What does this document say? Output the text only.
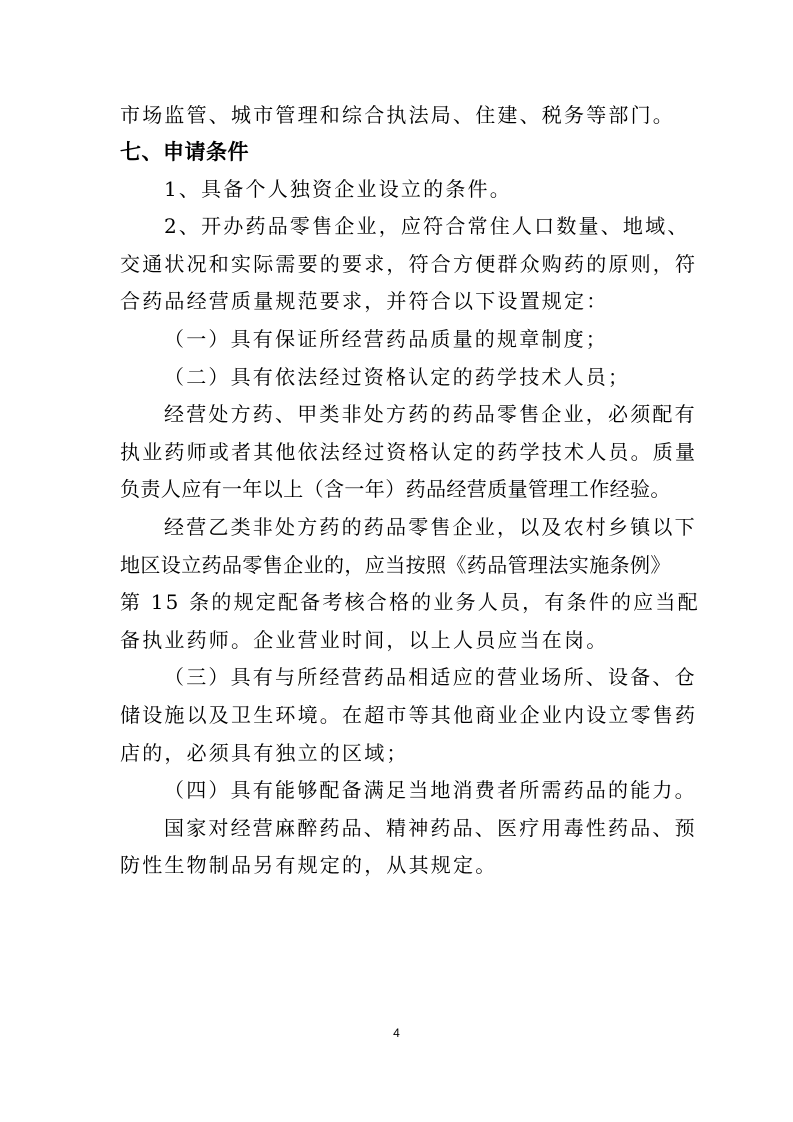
市场监管、城市管理和综合执法局、住建、税务等部门。
七、申请条件
1、具备个人独资企业设立的条件。
2、开办药品零售企业，应符合常住人口数量、地域、
交通状况和实际需要的要求，符合方便群众购药的原则，符
合药品经营质量规范要求，并符合以下设置规定：
（一）具有保证所经营药品质量的规章制度；
（二）具有依法经过资格认定的药学技术人员；
经营处方药、甲类非处方药的药品零售企业，必须配有
执业药师或者其他依法经过资格认定的药学技术人员。质量
负责人应有一年以上（含一年）药品经营质量管理工作经验。
经营乙类非处方药的药品零售企业，以及农村乡镇以下
地区设立药品零售企业的，应当按照《药品管理法实施条例》
第 15 条的规定配备考核合格的业务人员，有条件的应当配
备执业药师。企业营业时间，以上人员应当在岗。
（三）具有与所经营药品相适应的营业场所、设备、仓
储设施以及卫生环境。在超市等其他商业企业内设立零售药
店的，必须具有独立的区域；
（四）具有能够配备满足当地消费者所需药品的能力。
国家对经营麻醉药品、精神药品、医疗用毒性药品、预
防性生物制品另有规定的，从其规定。
4
